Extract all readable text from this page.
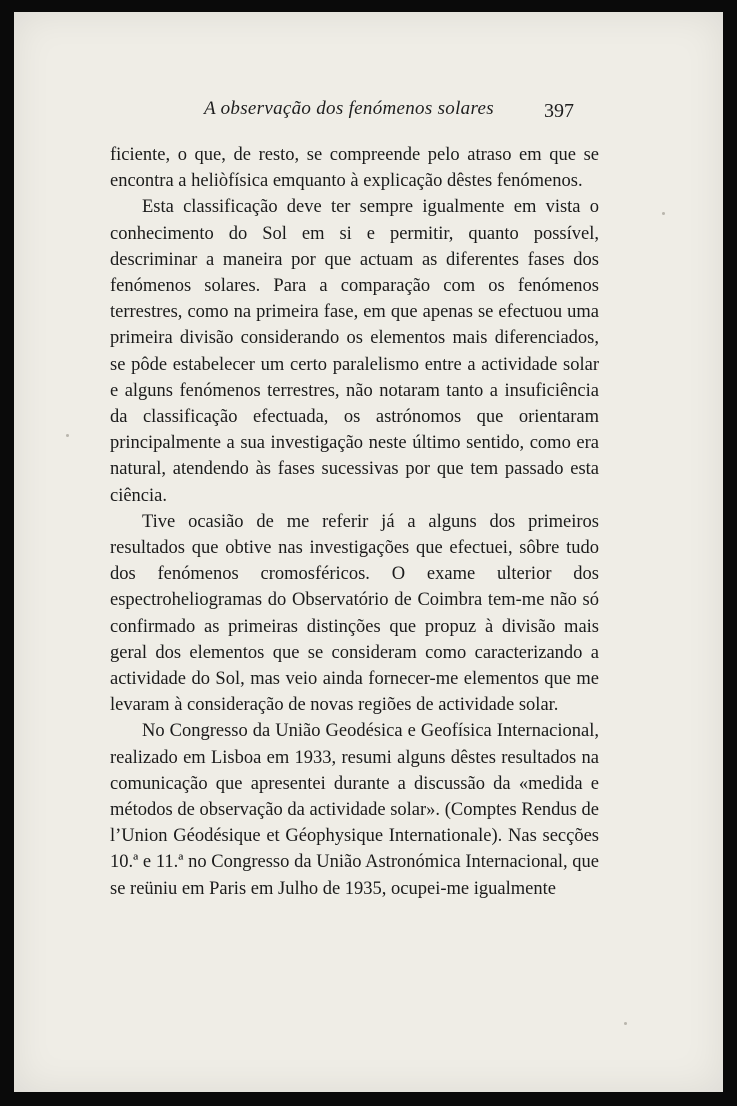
A observação dos fenómenos solares	397

ficiente, o que, de resto, se compreende pelo atraso em que se encontra a heliòfísica emquanto à explicação dêstes fenómenos.

Esta classificação deve ter sempre igualmente em vista o conhecimento do Sol em si e permitir, quanto possível, descriminar a maneira por que actuam as diferentes fases dos fenómenos solares. Para a comparação com os fenómenos terrestres, como na primeira fase, em que apenas se efectuou uma primeira divisão considerando os elementos mais diferenciados, se pôde estabelecer um certo paralelismo entre a actividade solar e alguns fenómenos terrestres, não notaram tanto a insuficiência da classificação efectuada, os astrónomos que orientaram principalmente a sua investigação neste último sentido, como era natural, atendendo às fases sucessivas por que tem passado esta ciência.

Tive ocasião de me referir já a alguns dos primeiros resultados que obtive nas investigações que efectuei, sôbre tudo dos fenómenos cromosféricos. O exame ulterior dos espectroheliogramas do Observatório de Coimbra tem-me não só confirmado as primeiras distinções que propuz à divisão mais geral dos elementos que se consideram como caracterizando a actividade do Sol, mas veio ainda fornecer-me elementos que me levaram à consideração de novas regiões de actividade solar.

No Congresso da União Geodésica e Geofísica Internacional, realizado em Lisboa em 1933, resumi alguns dêstes resultados na comunicação que apresentei durante a discussão da «medida e métodos de observação da actividade solar». (Comptes Rendus de l’Union Géodésique et Géophysique Internationale). Nas secções 10.ª e 11.ª no Congresso da União Astronómica Internacional, que se reüniu em Paris em Julho de 1935, ocupei-me igualmente
